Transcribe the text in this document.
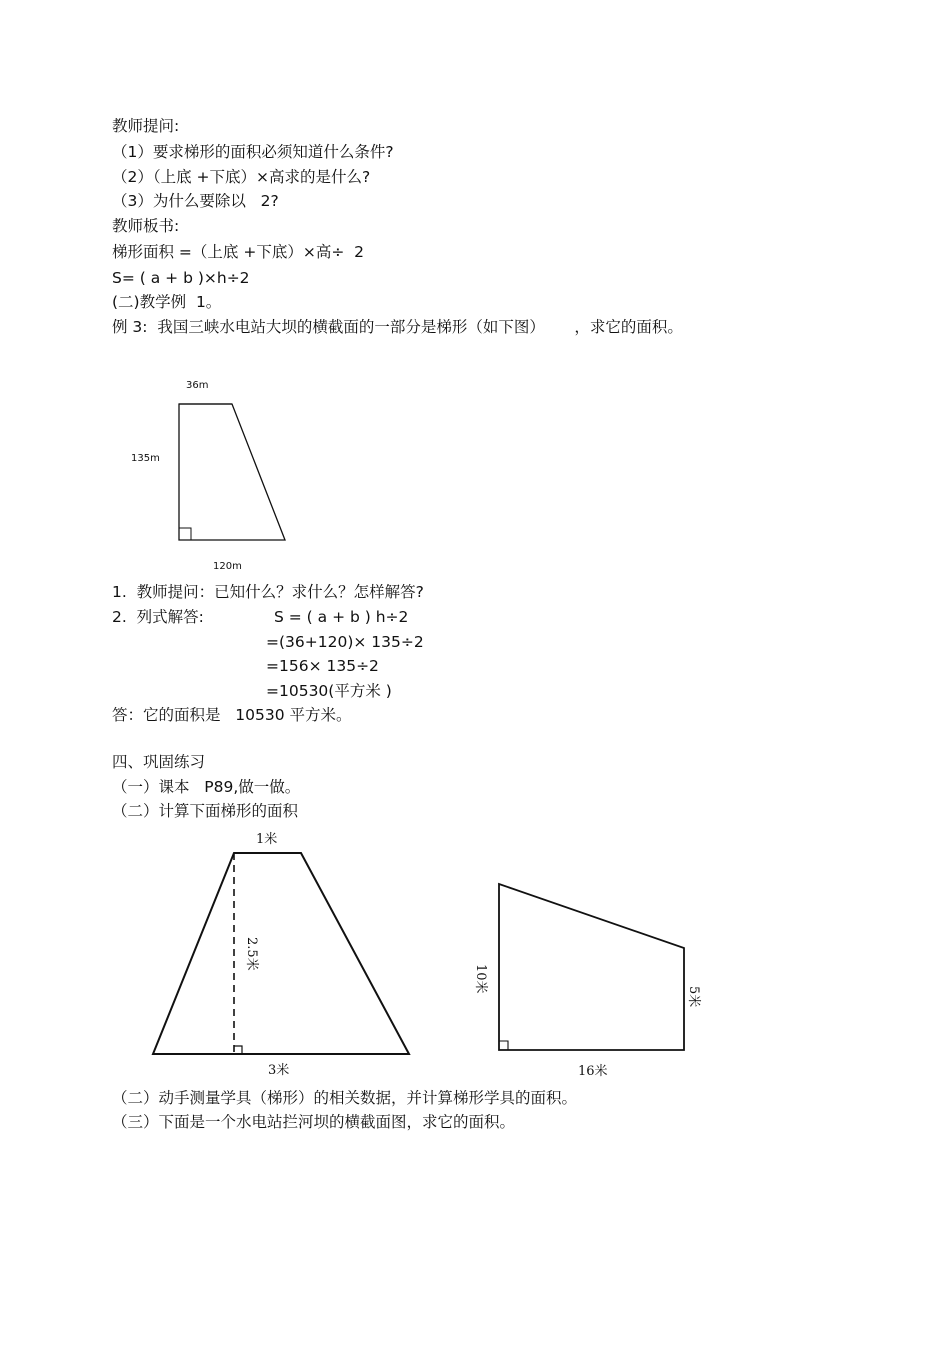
教师提问:
（1）要求梯形的面积必须知道什么条件?
（2）（上底 +下底）×高求的是什么?
（3）为什么要除以   2?
教师板书:
梯形面积 =（上底 +下底）×高÷  2
S= ( a + b )×h÷2
(二)教学例  1。
例 3:  我国三峡水电站大坝的横截面的一部分是梯形（如下图）      ，求它的面积。
36m
135m
120m
1.  教师提问：已知什么？求什么？怎样解答?
2.  列式解答:	S = ( a + b ) h÷2
=(36+120)× 135÷2
=156× 135÷2
=10530(平方米 )
答：它的面积是   10530 平方米。
四、巩固练习
（一）课本   P89,做一做。
（二）计算下面梯形的面积
1米
2.5米
3米
10米
5米
16米
（二）动手测量学具（梯形）的相关数据，并计算梯形学具的面积。
（三）下面是一个水电站拦河坝的横截面图，求它的面积。
